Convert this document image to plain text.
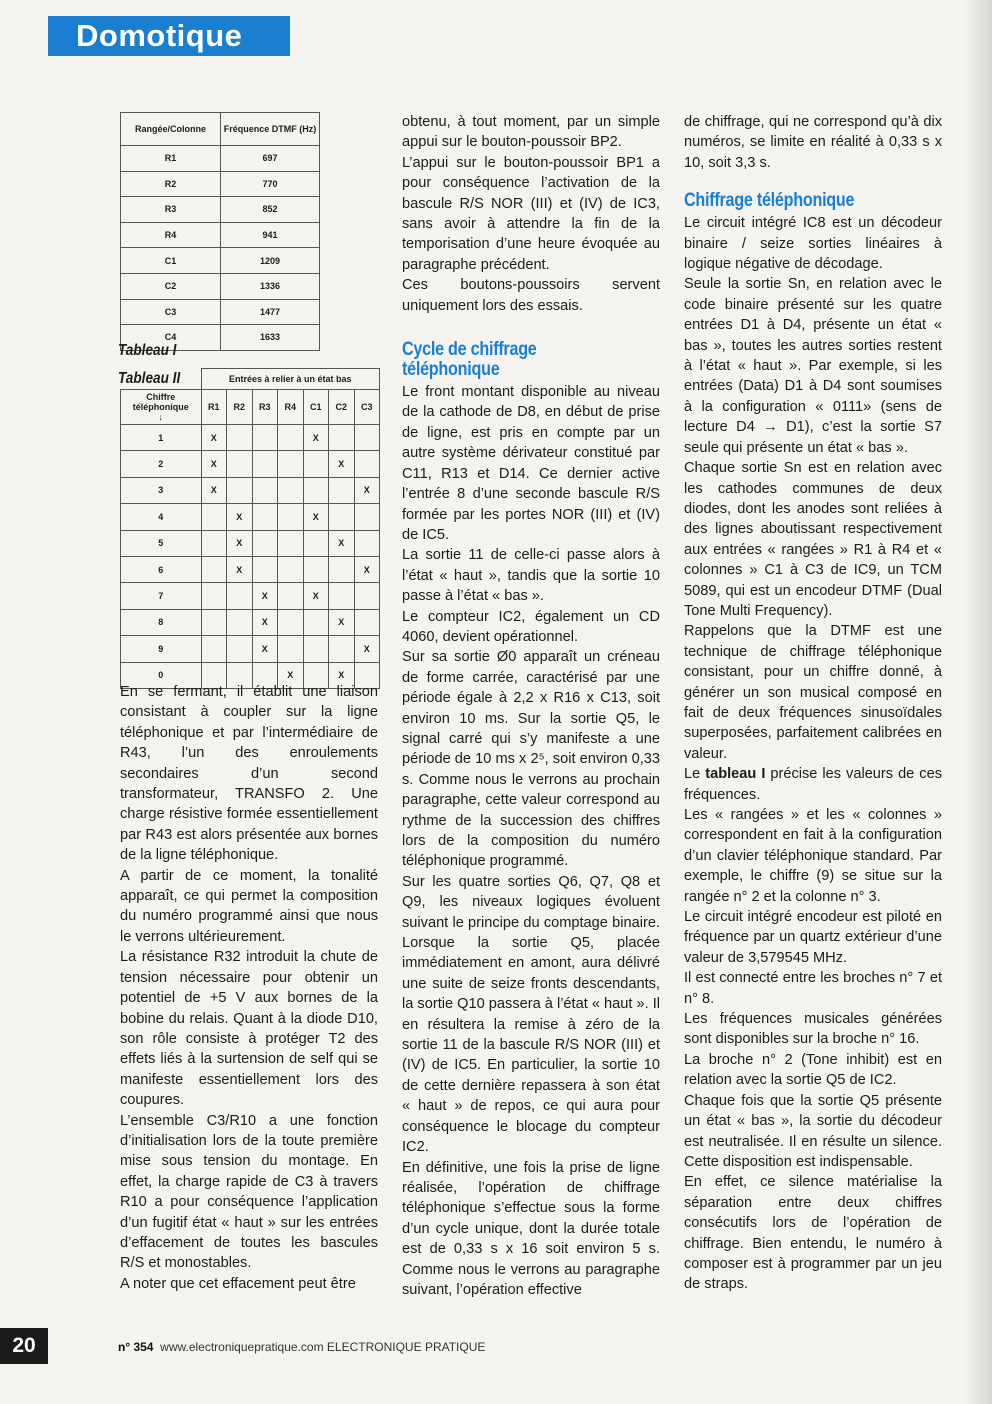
Domotique
Rangée/Colonne	Fréquence DTMF (Hz)
R1	697
R2	770
R3	852
R4	941
C1	1209
C2	1336
C3	1477
C4	1633
Tableau I
Tableau II
		Entrées à relier à un état bas						
Chiffre téléphonique
↓	R1	R2	R3	R4	C1	C2	C3
1	X				X		
2	X					X	
3	X						X
4		X			X		
5		X				X	
6		X					X
7			X		X		
8			X			X	
9			X				X
0				X		X	

En se fermant, il établit une liaison consistant à coupler sur la ligne téléphonique et par l’intermédiaire de R43, l’un des enroulements secondaires d’un second transformateur, TRANSFO 2. Une charge résistive formée essentiellement par R43 est alors présentée aux bornes de la ligne téléphonique.

A partir de ce moment, la tonalité apparaît, ce qui permet la composition du numéro programmé ainsi que nous le verrons ultérieurement.

La résistance R32 introduit la chute de tension nécessaire pour obtenir un potentiel de +5 V aux bornes de la bobine du relais. Quant à la diode D10, son rôle consiste à protéger T2 des effets liés à la surtension de self qui se manifeste essentiellement lors des coupures.

L’ensemble C3/R10 a une fonction d’initialisation lors de la toute première mise sous tension du montage. En effet, la charge rapide de C3 à travers R10 a pour conséquence l’application d’un fugitif état « haut » sur les entrées d’effacement de toutes les bascules R/S et monostables.

A noter que cet effacement peut être

obtenu, à tout moment, par un simple appui sur le bouton-poussoir BP2.

L’appui sur le bouton-poussoir BP1 a pour conséquence l’activation de la bascule R/S NOR (III) et (IV) de IC3, sans avoir à attendre la fin de la temporisation d’une heure évoquée au paragraphe précédent.

Ces boutons-poussoirs servent uniquement lors des essais.

Cycle de chiffrage
téléphonique

Le front montant disponible au niveau de la cathode de D8, en début de prise de ligne, est pris en compte par un autre système dérivateur constitué par C11, R13 et D14. Ce dernier active l’entrée 8 d’une seconde bascule R/S formée par les portes NOR (III) et (IV) de IC5.

La sortie 11 de celle-ci passe alors à l’état « haut », tandis que la sortie 10 passe à l’état « bas ».

Le compteur IC2, également un CD 4060, devient opérationnel.

Sur sa sortie Ø0 apparaît un créneau de forme carrée, caractérisé par une période égale à 2,2 x R16 x C13, soit environ 10 ms. Sur la sortie Q5, le signal carré qui s’y manifeste a une période de 10 ms x 2⁵, soit environ 0,33 s. Comme nous le verrons au prochain paragraphe, cette valeur correspond au rythme de la succession des chiffres lors de la composition du numéro téléphonique programmé.

Sur les quatre sorties Q6, Q7, Q8 et Q9, les niveaux logiques évoluent suivant le principe du comptage binaire. Lorsque la sortie Q5, placée immédiatement en amont, aura délivré une suite de seize fronts descendants, la sortie Q10 passera à l’état « haut ». Il en résultera la remise à zéro de la sortie 11 de la bascule R/S NOR (III) et (IV) de IC5. En particulier, la sortie 10 de cette dernière repassera à son état « haut » de repos, ce qui aura pour conséquence le blocage du compteur IC2.

En définitive, une fois la prise de ligne réalisée, l’opération de chiffrage téléphonique s’effectue sous la forme d’un cycle unique, dont la durée totale est de 0,33 s x 16 soit environ 5 s. Comme nous le verrons au paragraphe suivant, l’opération effective

de chiffrage, qui ne correspond qu’à dix numéros, se limite en réalité à 0,33 s x 10, soit 3,3 s.

Chiffrage téléphonique

Le circuit intégré IC8 est un décodeur binaire / seize sorties linéaires à logique négative de décodage.

Seule la sortie Sn, en relation avec le code binaire présenté sur les quatre entrées D1 à D4, présente un état « bas », toutes les autres sorties restent à l’état « haut ». Par exemple, si les entrées (Data) D1 à D4 sont soumises à la configuration « 0111» (sens de lecture D4 → D1), c’est la sortie S7 seule qui présente un état « bas ».

Chaque sortie Sn est en relation avec les cathodes communes de deux diodes, dont les anodes sont reliées à des lignes aboutissant respectivement aux entrées « rangées » R1 à R4 et « colonnes » C1 à C3 de IC9, un TCM 5089, qui est un encodeur DTMF (Dual Tone Multi Frequency).

Rappelons que la DTMF est une technique de chiffrage téléphonique consistant, pour un chiffre donné, à générer un son musical composé en fait de deux fréquences sinusoïdales superposées, parfaitement calibrées en valeur.

Le tableau I précise les valeurs de ces fréquences.

Les « rangées » et les « colonnes » correspondent en fait à la configuration d’un clavier téléphonique standard. Par exemple, le chiffre (9) se situe sur la rangée n° 2 et la colonne n° 3.

Le circuit intégré encodeur est piloté en fréquence par un quartz extérieur d’une valeur de 3,579545 MHz.

Il est connecté entre les broches n° 7 et n° 8.

Les fréquences musicales générées sont disponibles sur la broche n° 16.

La broche n° 2 (Tone inhibit) est en relation avec la sortie Q5 de IC2.

Chaque fois que la sortie Q5 présente un état « bas », la sortie du décodeur est neutralisée. Il en résulte un silence. Cette disposition est indispensable.

En effet, ce silence matérialise la séparation entre deux chiffres consécutifs lors de l’opération de chiffrage. Bien entendu, le numéro à composer est à programmer par un jeu de straps.

20	n° 354 www.electroniquepratique.com ELECTRONIQUE PRATIQUE
